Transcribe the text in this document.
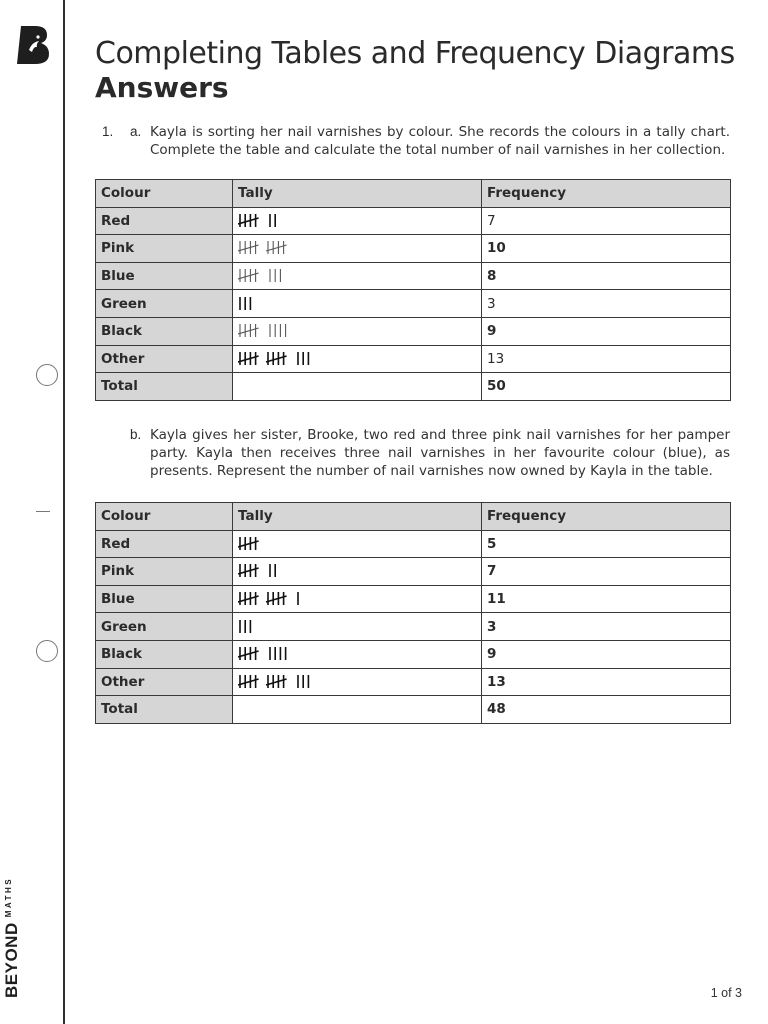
$BEYOND^{MATHS}$
Completing Tables and Frequency Diagrams
Answers
1. a. Kayla is sorting her nail varnishes by colour. She records the colours in a tally chart. Complete the table and calculate the total number of nail varnishes in her collection.
Colour	Tally	Frequency
Red		7
Pink		10
Blue		8
Green		3
Black		9
Other		13
Total		50
b. Kayla gives her sister, Brooke, two red and three pink nail varnishes for her pamper party. Kayla then receives three nail varnishes in her favourite colour (blue), as presents. Represent the number of nail varnishes now owned by Kayla in the table.
Colour	Tally	Frequency
Red		5
Pink		7
Blue		11
Green		3
Black		9
Other		13
Total		48
1 of 3
